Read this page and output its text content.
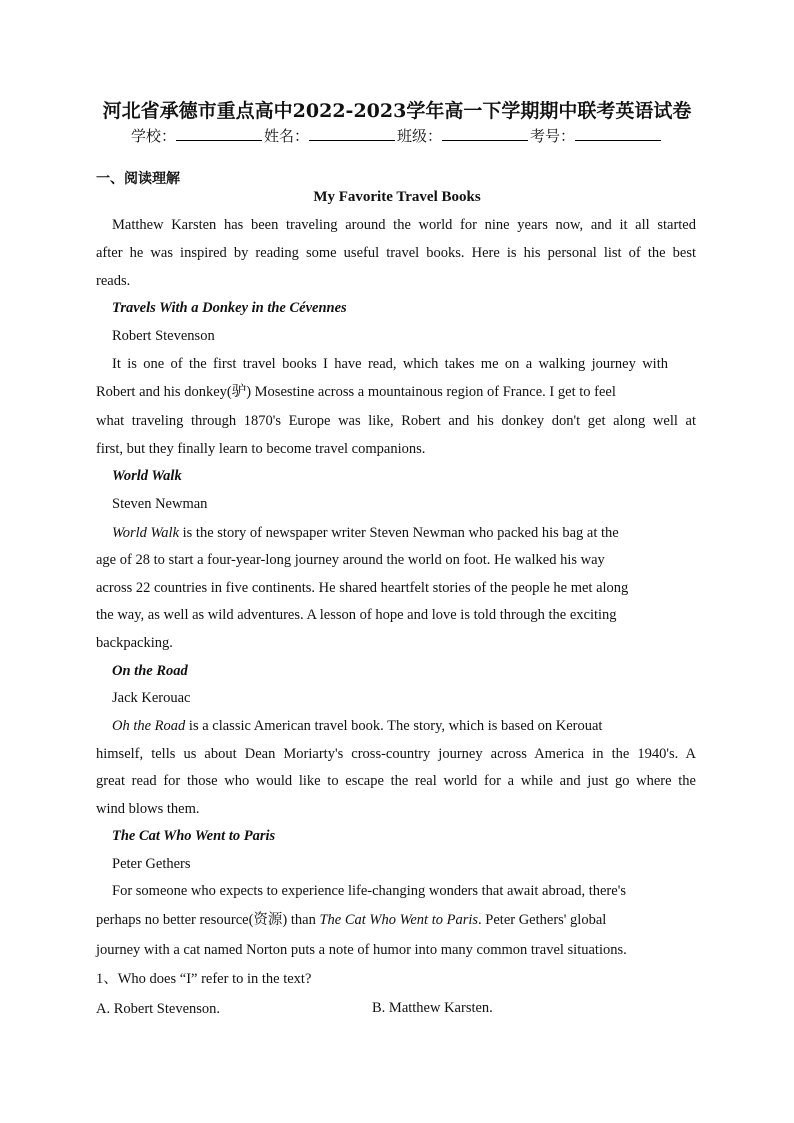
河北省承德市重点高中2022-2023学年高一下学期期中联考英语试卷
学校：	姓名：	班级：	考号：
一、阅读理解
My Favorite Travel Books
Matthew Karsten has been traveling around the world for nine years now, and it all started
after he was inspired by reading some useful travel books. Here is his personal list of the best
reads.
Travels With a Donkey in the Cévennes
Robert Stevenson
It is one of the first travel books I have read, which takes me on a walking journey with
Robert and his donkey(驴) Mosestine across a mountainous region of France. I get to feel
what traveling through 1870's Europe was like, Robert and his donkey don't get along well at
first, but they finally learn to become travel companions.
World Walk
Steven Newman
World Walk is the story of newspaper writer Steven Newman who packed his bag at the
age of 28 to start a four-year-long journey around the world on foot. He walked his way
across 22 countries in five continents. He shared heartfelt stories of the people he met along
the way, as well as wild adventures. A lesson of hope and love is told through the exciting
backpacking.
On the Road
Jack Kerouac
Oh the Road is a classic American travel book. The story, which is based on Kerouat
himself, tells us about Dean Moriarty's cross-country journey across America in the 1940's. A
great read for those who would like to escape the real world for a while and just go where the
wind blows them.
The Cat Who Went to Paris
Peter Gethers
For someone who expects to experience life-changing wonders that await abroad, there's
perhaps no better resource(资源) than The Cat Who Went to Paris. Peter Gethers' global
journey with a cat named Norton puts a note of humor into many common travel situations.
1、Who does “I” refer to in the text?
A. Robert Stevenson.	B. Matthew Karsten.
